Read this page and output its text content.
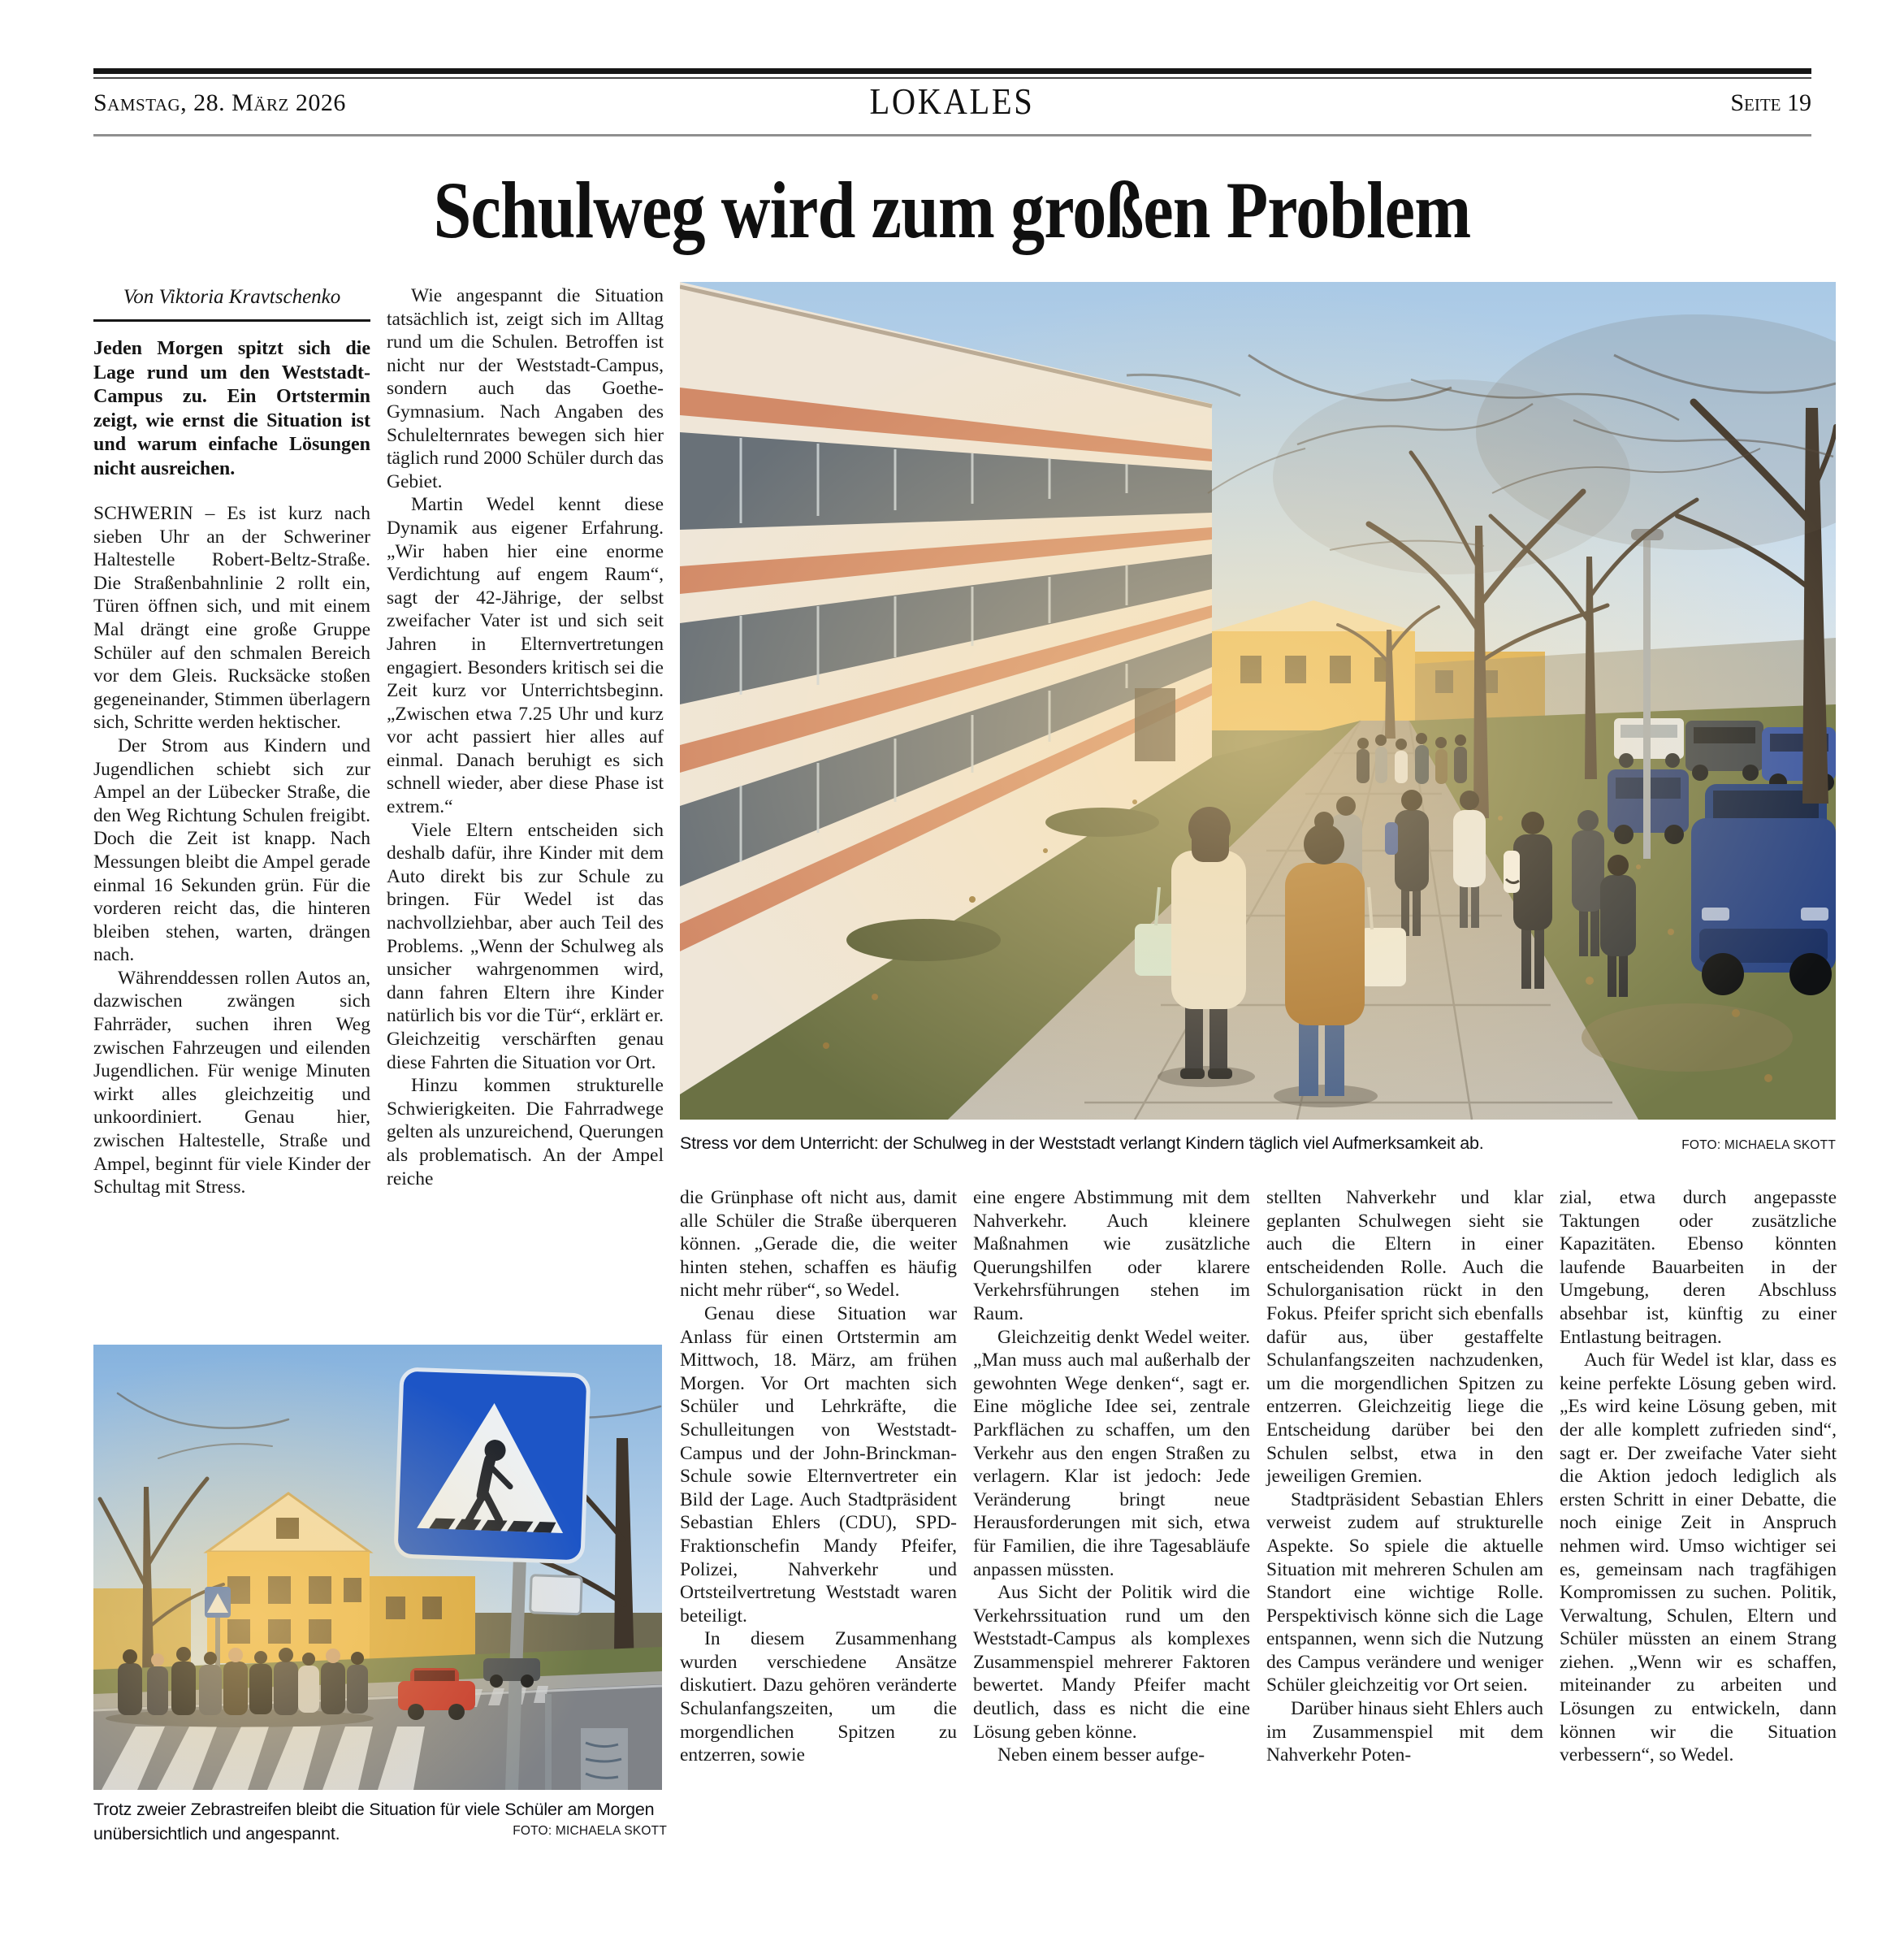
Samstag, 28. März 2026	LOKALES	Seite 19
Schulweg wird zum großen Problem
Von Viktoria Kravtschenko

Jeden Morgen spitzt sich die Lage rund um den Weststadt-Campus zu. Ein Ortstermin zeigt, wie ernst die Situation ist und warum einfache Lösungen nicht ausreichen.

SCHWERIN – Es ist kurz nach sieben Uhr an der Schweriner Haltestelle Robert-Beltz-Straße. Die Straßenbahnlinie 2 rollt ein, Türen öffnen sich, und mit einem Mal drängt eine große Gruppe Schüler auf den schmalen Bereich vor dem Gleis. Rucksäcke stoßen gegeneinander, Stimmen überlagern sich, Schritte werden hektischer.

Der Strom aus Kindern und Jugendlichen schiebt sich zur Ampel an der Lübecker Straße, die den Weg Richtung Schulen freigibt. Doch die Zeit ist knapp. Nach Messungen bleibt die Ampel gerade einmal 16 Sekunden grün. Für die vorderen reicht das, die hinteren bleiben stehen, warten, drängen nach.

Währenddessen rollen Autos an, dazwischen zwängen sich Fahrräder, suchen ihren Weg zwischen Fahrzeugen und eilenden Jugendlichen. Für wenige Minuten wirkt alles gleichzeitig und unkoordiniert. Genau hier, zwischen Haltestelle, Straße und Ampel, beginnt für viele Kinder der Schultag mit Stress.

Wie angespannt die Situation tatsächlich ist, zeigt sich im Alltag rund um die Schulen. Betroffen ist nicht nur der Weststadt-Campus, sondern auch das Goethe-Gymnasium. Nach Angaben des Schulelternrates bewegen sich hier täglich rund 2000 Schüler durch das Gebiet.

Martin Wedel kennt diese Dynamik aus eigener Erfahrung. „Wir haben hier eine enorme Verdichtung auf engem Raum“, sagt der 42-Jährige, der selbst zweifacher Vater ist und sich seit Jahren in Elternvertretungen engagiert. Besonders kritisch sei die Zeit kurz vor Unterrichtsbeginn. „Zwischen etwa 7.25 Uhr und kurz vor acht passiert hier alles auf einmal. Danach beruhigt es sich schnell wieder, aber diese Phase ist extrem.“

Viele Eltern entscheiden sich deshalb dafür, ihre Kinder mit dem Auto direkt bis zur Schule zu bringen. Für Wedel ist das nachvollziehbar, aber auch Teil des Problems. „Wenn der Schulweg als unsicher wahrgenommen wird, dann fahren Eltern ihre Kinder natürlich bis vor die Tür“, erklärt er. Gleichzeitig verschärften genau diese Fahrten die Situation vor Ort.

Hinzu kommen strukturelle Schwierigkeiten. Die Fahrradwege gelten als unzureichend, Querungen als problematisch. An der Ampel reiche

Stress vor dem Unterricht: der Schulweg in der Weststadt verlangt Kindern täglich viel Aufmerksamkeit ab.	FOTO: MICHAELA SKOTT

die Grünphase oft nicht aus, damit alle Schüler die Straße überqueren können. „Gerade die, die weiter hinten stehen, schaffen es häufig nicht mehr rüber“, so Wedel.

Genau diese Situation war Anlass für einen Ortstermin am Mittwoch, 18. März, am frühen Morgen. Vor Ort machten sich Schüler und Lehrkräfte, die Schulleitungen von Weststadt-Campus und der John-Brinckman-Schule sowie Elternvertreter ein Bild der Lage. Auch Stadtpräsident Sebastian Ehlers (CDU), SPD-Fraktionschefin Mandy Pfeifer, Polizei, Nahverkehr und Ortsteilvertretung Weststadt waren beteiligt.

In diesem Zusammenhang wurden verschiedene Ansätze diskutiert. Dazu gehören veränderte Schulanfangszeiten, um die morgendlichen Spitzen zu entzerren, sowie

eine engere Abstimmung mit dem Nahverkehr. Auch kleinere Maßnahmen wie zusätzliche Querungshilfen oder klarere Verkehrsführungen stehen im Raum.

Gleichzeitig denkt Wedel weiter. „Man muss auch mal außerhalb der gewohnten Wege denken“, sagt er. Eine mögliche Idee sei, zentrale Parkflächen zu schaffen, um den Verkehr aus den engen Straßen zu verlagern. Klar ist jedoch: Jede Veränderung bringt neue Herausforderungen mit sich, etwa für Familien, die ihre Tagesabläufe anpassen müssten.

Aus Sicht der Politik wird die Verkehrssituation rund um den Weststadt-Campus als komplexes Zusammenspiel mehrerer Faktoren bewertet. Mandy Pfeifer macht deutlich, dass es nicht die eine Lösung geben könne.

Neben einem besser aufge-

stellten Nahverkehr und klar geplanten Schulwegen sieht sie auch die Eltern in einer entscheidenden Rolle. Auch die Schulorganisation rückt in den Fokus. Pfeifer spricht sich ebenfalls dafür aus, über gestaffelte Schulanfangszeiten nachzudenken, um die morgendlichen Spitzen zu entzerren. Gleichzeitig liege die Entscheidung darüber bei den Schulen selbst, etwa in den jeweiligen Gremien.

Stadtpräsident Sebastian Ehlers verweist zudem auf strukturelle Aspekte. So spiele die aktuelle Situation mit mehreren Schulen am Standort eine wichtige Rolle. Perspektivisch könne sich die Lage entspannen, wenn sich die Nutzung des Campus verändere und weniger Schüler gleichzeitig vor Ort seien.

Darüber hinaus sieht Ehlers auch im Zusammenspiel mit dem Nahverkehr Poten-

zial, etwa durch angepasste Taktungen oder zusätzliche Kapazitäten. Ebenso könnten laufende Bauarbeiten in der Umgebung, deren Abschluss absehbar ist, künftig zu einer Entlastung beitragen.

Auch für Wedel ist klar, dass es keine perfekte Lösung geben wird. „Es wird keine Lösung geben, mit der alle komplett zufrieden sind“, sagt er. Der zweifache Vater sieht die Aktion jedoch lediglich als ersten Schritt in einer Debatte, die noch einige Zeit in Anspruch nehmen wird. Umso wichtiger sei es, gemeinsam nach tragfähigen Kompromissen zu suchen. Politik, Verwaltung, Schulen, Eltern und Schüler müssten an einem Strang ziehen. „Wenn wir es schaffen, miteinander zu arbeiten und Lösungen zu entwickeln, dann können wir die Situation verbessern“, so Wedel.

Trotz zweier Zebrastreifen bleibt die Situation für viele Schüler am Morgen unübersichtlich und angespannt.	FOTO: MICHAELA SKOTT
